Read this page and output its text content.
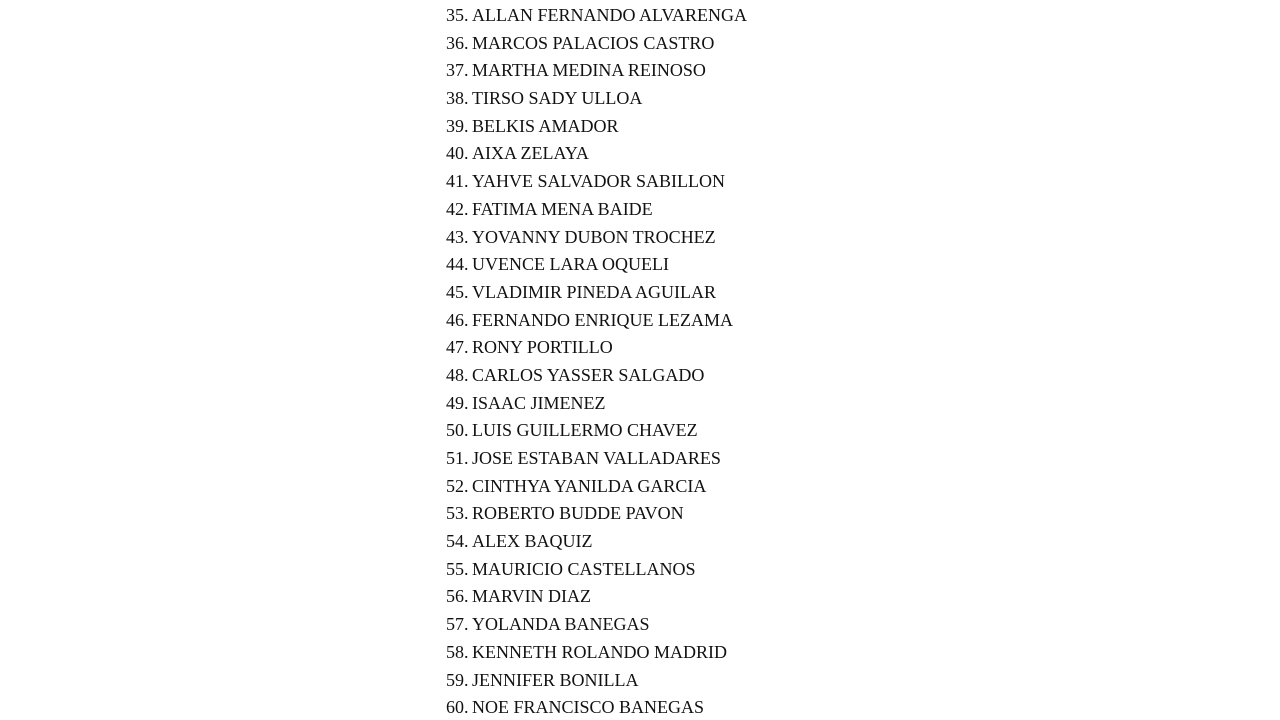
35. ALLAN FERNANDO ALVARENGA
36. MARCOS PALACIOS CASTRO
37. MARTHA MEDINA REINOSO
38. TIRSO SADY ULLOA
39. BELKIS AMADOR
40. AIXA ZELAYA
41. YAHVE SALVADOR SABILLON
42. FATIMA MENA BAIDE
43. YOVANNY DUBON TROCHEZ
44. UVENCE LARA OQUELI
45. VLADIMIR PINEDA AGUILAR
46. FERNANDO ENRIQUE LEZAMA
47. RONY PORTILLO
48. CARLOS YASSER SALGADO
49. ISAAC JIMENEZ
50. LUIS GUILLERMO CHAVEZ
51. JOSE ESTABAN VALLADARES
52. CINTHYA YANILDA GARCIA
53. ROBERTO BUDDE PAVON
54. ALEX BAQUIZ
55. MAURICIO CASTELLANOS
56. MARVIN DIAZ
57. YOLANDA BANEGAS
58. KENNETH ROLANDO MADRID
59. JENNIFER BONILLA
60. NOE FRANCISCO BANEGAS
